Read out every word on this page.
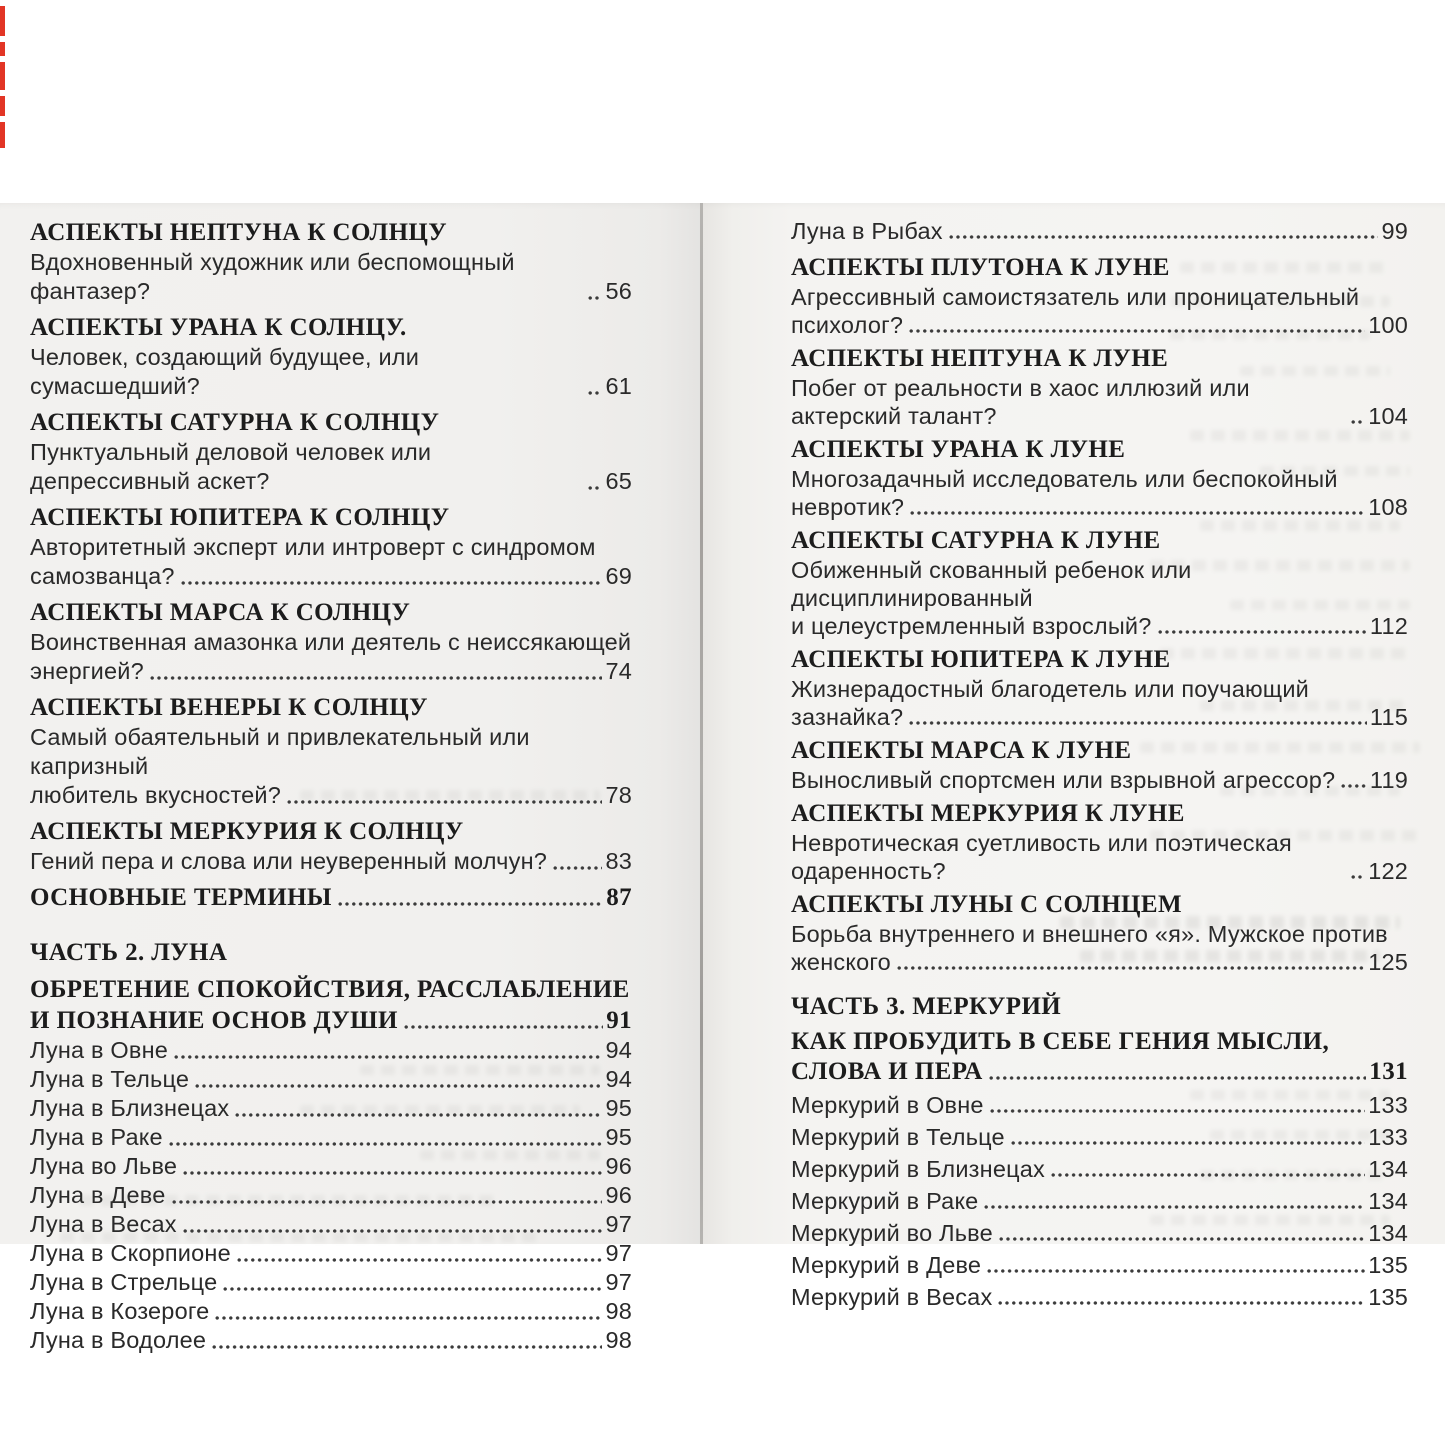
АСПЕКТЫ НЕПТУНА К СОЛНЦУ
Вдохновенный художник или беспомощный фантазер?	56
АСПЕКТЫ УРАНА К СОЛНЦУ.
Человек, создающий будущее, или сумасшедший?	61
АСПЕКТЫ САТУРНА К СОЛНЦУ
Пунктуальный деловой человек или депрессивный аскет?	65
АСПЕКТЫ ЮПИТЕРА К СОЛНЦУ
Авторитетный эксперт или интроверт с синдромом
самозванца?	69
АСПЕКТЫ МАРСА К СОЛНЦУ
Воинственная амазонка или деятель с неиссякающей
энергией?	74
АСПЕКТЫ ВЕНЕРЫ К СОЛНЦУ
Самый обаятельный и привлекательный или капризный
любитель вкусностей?	78
АСПЕКТЫ МЕРКУРИЯ К СОЛНЦУ
Гений пера и слова или неуверенный молчун? 83
ОСНОВНЫЕ ТЕРМИНЫ	87
ЧАСТЬ 2. ЛУНА
ОБРЕТЕНИЕ СПОКОЙСТВИЯ, РАССЛАБЛЕНИЕ
И ПОЗНАНИЕ ОСНОВ ДУШИ	91
Луна в Овне	94
Луна в Тельце	94
Луна в Близнецах	95
Луна в Раке	95
Луна во Льве	96
Луна в Деве	96
Луна в Весах	97
Луна в Скорпионе	97
Луна в Стрельце	97
Луна в Козероге	98
Луна в Водолее	98
Луна в Рыбах	99
АСПЕКТЫ ПЛУТОНА К ЛУНЕ
Агрессивный самоистязатель или проницательный
психолог?	100
АСПЕКТЫ НЕПТУНА К ЛУНЕ
Побег от реальности в хаос иллюзий или актерский талант?	104
АСПЕКТЫ УРАНА К ЛУНЕ
Многозадачный исследователь или беспокойный
невротик?	108
АСПЕКТЫ САТУРНА К ЛУНЕ
Обиженный скованный ребенок или дисциплинированный
и целеустремленный взрослый?	112
АСПЕКТЫ ЮПИТЕРА К ЛУНЕ
Жизнерадостный благодетель или поучающий
зазнайка?	115
АСПЕКТЫ МАРСА К ЛУНЕ
Выносливый спортсмен или взрывной агрессор? 119
АСПЕКТЫ МЕРКУРИЯ К ЛУНЕ
Невротическая суетливость или поэтическая одаренность?	122
АСПЕКТЫ ЛУНЫ С СОЛНЦЕМ
Борьба внутреннего и внешнего «я». Мужское против
женского	125
ЧАСТЬ 3. МЕРКУРИЙ
КАК ПРОБУДИТЬ В СЕБЕ ГЕНИЯ МЫСЛИ,
СЛОВА И ПЕРА	131
Меркурий в Овне	133
Меркурий в Тельце	133
Меркурий в Близнецах	134
Меркурий в Раке	134
Меркурий во Льве	134
Меркурий в Деве	135
Меркурий в Весах	135
